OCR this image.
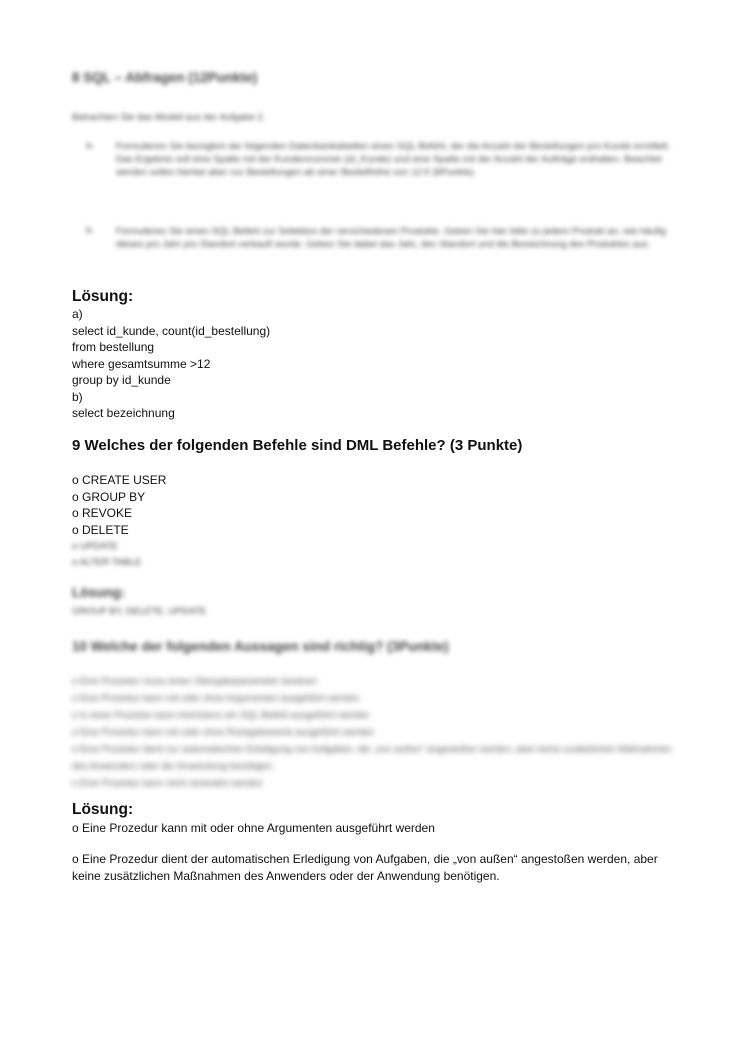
8 SQL – Abfragen (12Punkte)
Betrachten Sie das Modell aus der Aufgabe 2.
a. Formulieren Sie bezüglich der folgenden Datenbanktabellen einen SQL Befehl, der die Anzahl der Bestellungen pro Kunde ermittelt. Das Ergebnis soll eine Spalte mit der Kundennummer (id_Kunde) und eine Spalte mit der Anzahl der Aufträge enthalten. Beachtet werden sollen hierbei aber nur Bestellungen ab einer Bestellhöhe von 12 € (6Punkte).
b. Formulieren Sie einen SQL Befehl zur Selektion der verschiedenen Produkte. Geben Sie hier bitte zu jedem Produkt an, wie häufig dieses pro Jahr pro Standort verkauft wurde. Geben Sie dabei das Jahr, den Standort und die Bezeichnung des Produktes aus.
Lösung:
a)
select id_kunde, count(id_bestellung)
from bestellung
where gesamtsumme >12
group by id_kunde
b)
select bezeichnung
9 Welches der folgenden Befehle sind DML Befehle? (3 Punkte)
o CREATE USER
o GROUP BY
o REVOKE
o DELETE
o UPDATE
o ALTER TABLE
Lösung:
GROUP BY, DELETE, UPDATE
10 Welche der folgenden Aussagen sind richtig? (3Punkte)
o Eine Prozedur muss einen Übergabeparameter besitzen
o Eine Prozedur kann mit oder ohne Argumenten ausgeführt werden
o In einer Prozedur kann höchstens ein SQL Befehl ausgeführt werden
o Eine Prozedur kann mit oder ohne Rückgabewerte ausgeführt werden
o Eine Prozedur dient zur automatischen Erledigung von Aufgaben, die „von außen“ angestoßen werden, aber keine zusätzlichen Maßnahmen des Anwenders oder der Anwendung benötigen.
o Eine Prozedur kann nicht verändert werden
Lösung:
o Eine Prozedur kann mit oder ohne Argumenten ausgeführt werden
o Eine Prozedur dient der automatischen Erledigung von Aufgaben, die „von außen“ angestoßen werden, aber keine zusätzlichen Maßnahmen des Anwenders oder der Anwendung benötigen.
